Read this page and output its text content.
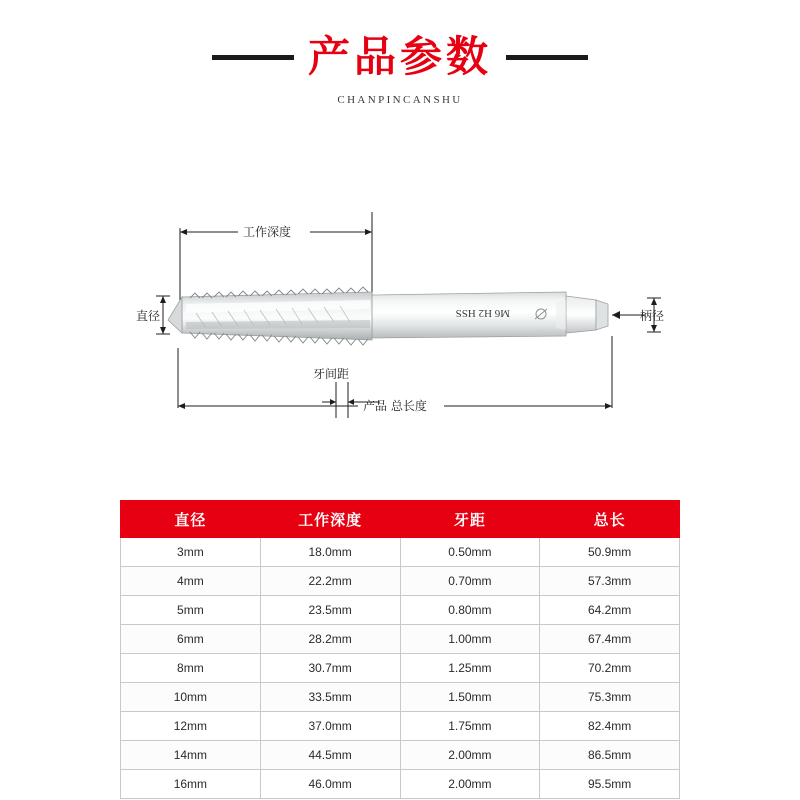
产品参数
CHANPINCANSHU
牙间距
工作深度
M6 H2 HSS
直径	柄径
产品 总长度
直径	工作深度	牙距	总长
3mm	18.0mm	0.50mm	50.9mm
4mm	22.2mm	0.70mm	57.3mm
5mm	23.5mm	0.80mm	64.2mm
6mm	28.2mm	1.00mm	67.4mm
8mm	30.7mm	1.25mm	70.2mm
10mm	33.5mm	1.50mm	75.3mm
12mm	37.0mm	1.75mm	82.4mm
14mm	44.5mm	2.00mm	86.5mm
16mm	46.0mm	2.00mm	95.5mm
